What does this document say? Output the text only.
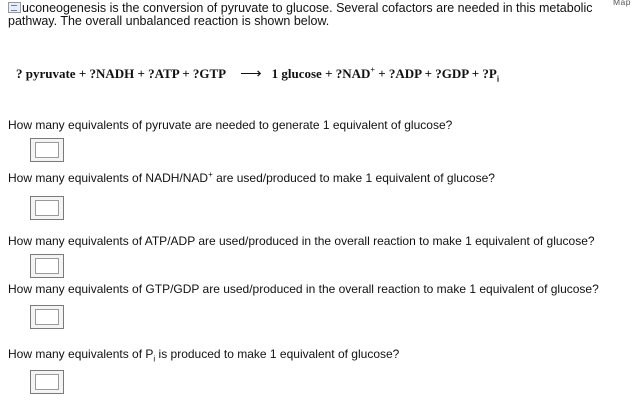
uconeogenesis is the conversion of pyruvate to glucose. Several cofactors are needed in this metabolic
pathway. The overall unbalanced reaction is shown below.
Map
? pyruvate + ?NADH + ?ATP + ?GTP ⟶ 1 glucose + ?NAD+ + ?ADP + ?GDP + $?P_i$
How many equivalents of pyruvate are needed to generate 1 equivalent of glucose?
How many equivalents of NADH/NAD+ are used/produced to make 1 equivalent of glucose?
How many equivalents of ATP/ADP are used/produced in the overall reaction to make 1 equivalent of glucose?
How many equivalents of GTP/GDP are used/produced in the overall reaction to make 1 equivalent of glucose?
How many equivalents of $P_i$ is produced to make 1 equivalent of glucose?
